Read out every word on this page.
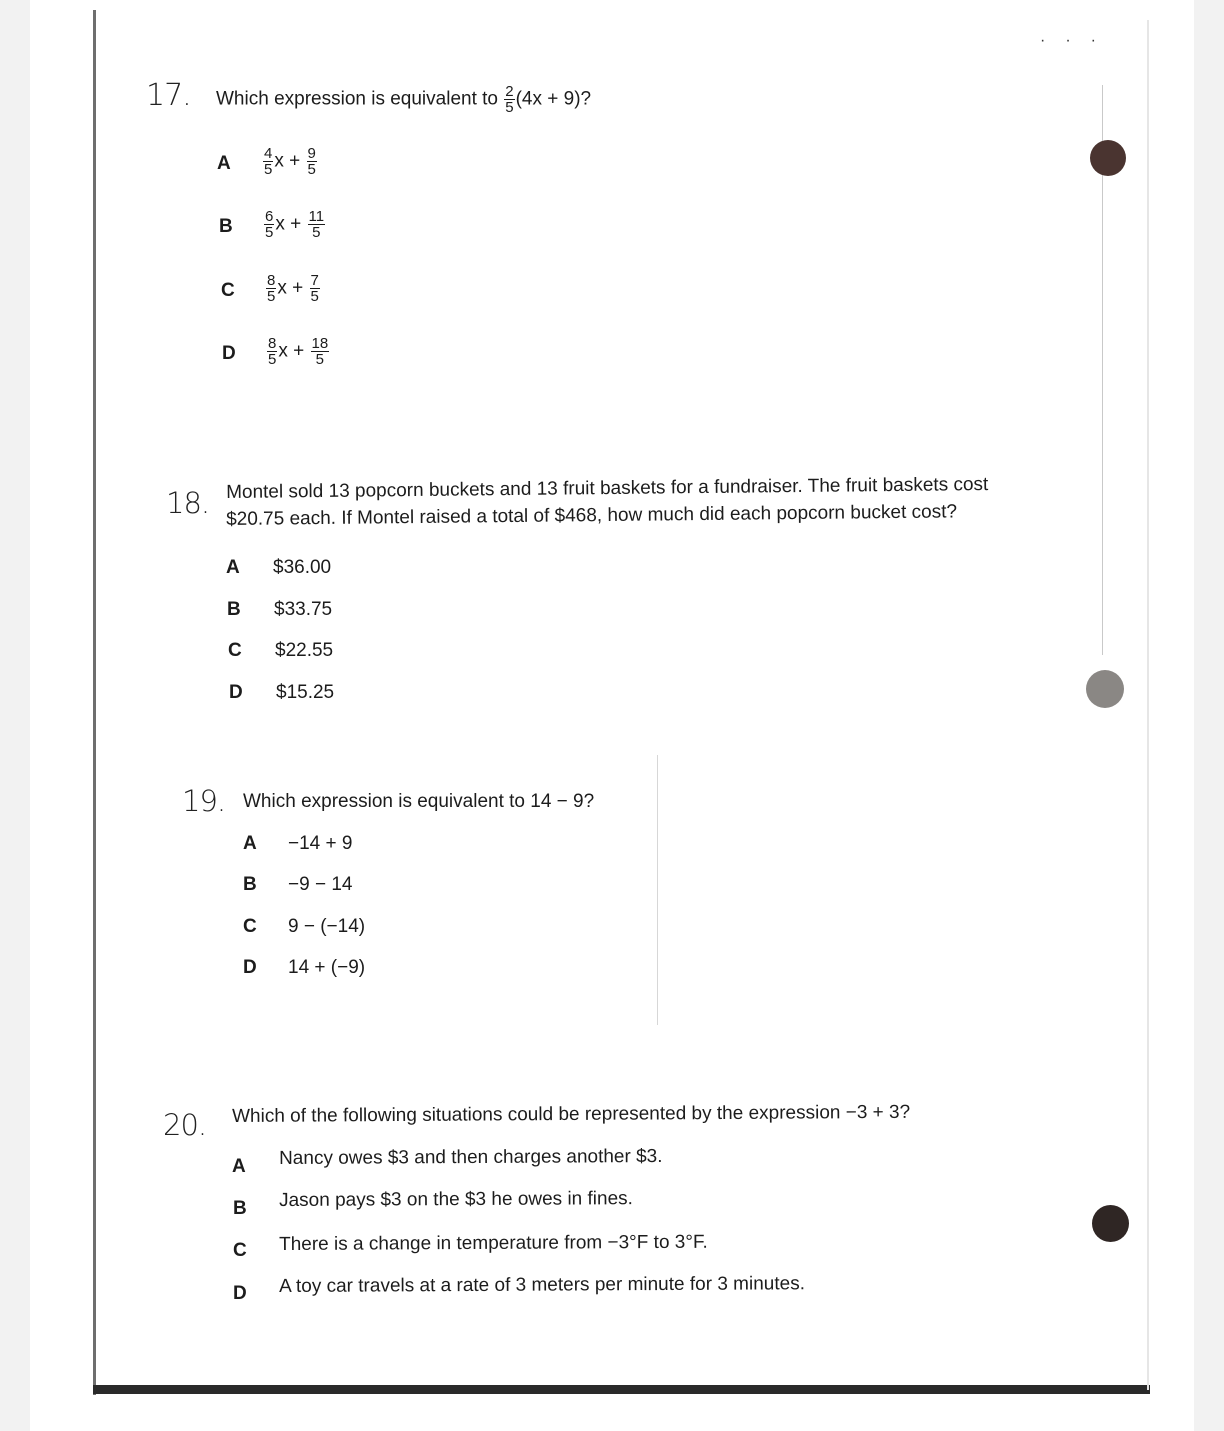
···
17. Which expression is equivalent to $\frac{2}{5} (4x + 9)$?
A $\frac{4}{5}$ $x + \frac{9}{5}$
B $\frac{6}{5}$ $x + \frac{11}{5}$
C $\frac{8}{5}$ $x + \frac{7}{5}$
D $\frac{8}{5}$ $x + \frac{18}{5}$
18. Montel sold 13 popcorn buckets and 13 fruit baskets for a fundraiser. The fruit baskets cost
$20.75 each. If Montel raised a total of $468, how much did each popcorn bucket cost?
A $36.00
B $33.75
C $22.55
D $15.25
19. Which expression is equivalent to 14 − 9?
A −14 + 9
B −9 − 14
C 9 − (−14)
D 14 + (−9)
20. Which of the following situations could be represented by the expression −3 + 3?
A Nancy owes $3 and then charges another $3.
B Jason pays $3 on the $3 he owes in fines.
C There is a change in temperature from −3°F to 3°F.
D A toy car travels at a rate of 3 meters per minute for 3 minutes.
